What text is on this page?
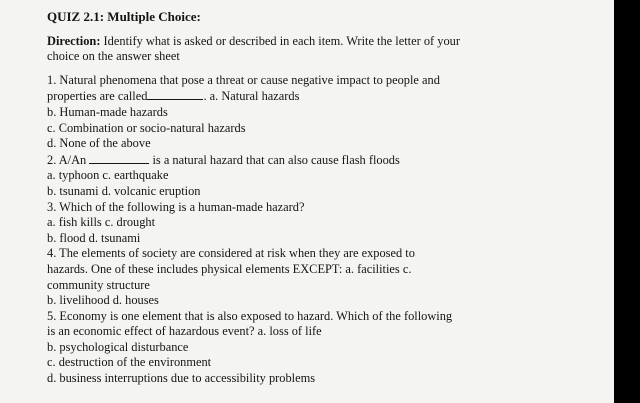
QUIZ 2.1: Multiple Choice:
Direction: Identify what is asked or described in each item. Write the letter of your choice on the answer sheet
1. Natural phenomena that pose a threat or cause negative impact to people and
properties are called	. a. Natural hazards
b. Human-made hazards
c. Combination or socio-natural hazards
d. None of the above
2. A/An	is a natural hazard that can also cause flash floods
a. typhoon c. earthquake
b. tsunami d. volcanic eruption
3. Which of the following is a human-made hazard?
a. fish kills c. drought
b. flood d. tsunami
4. The elements of society are considered at risk when they are exposed to
hazards. One of these includes physical elements EXCEPT: a. facilities c.
community structure
b. livelihood d. houses
5. Economy is one element that is also exposed to hazard. Which of the following
is an economic effect of hazardous event? a. loss of life
b. psychological disturbance
c. destruction of the environment
d. business interruptions due to accessibility problems
